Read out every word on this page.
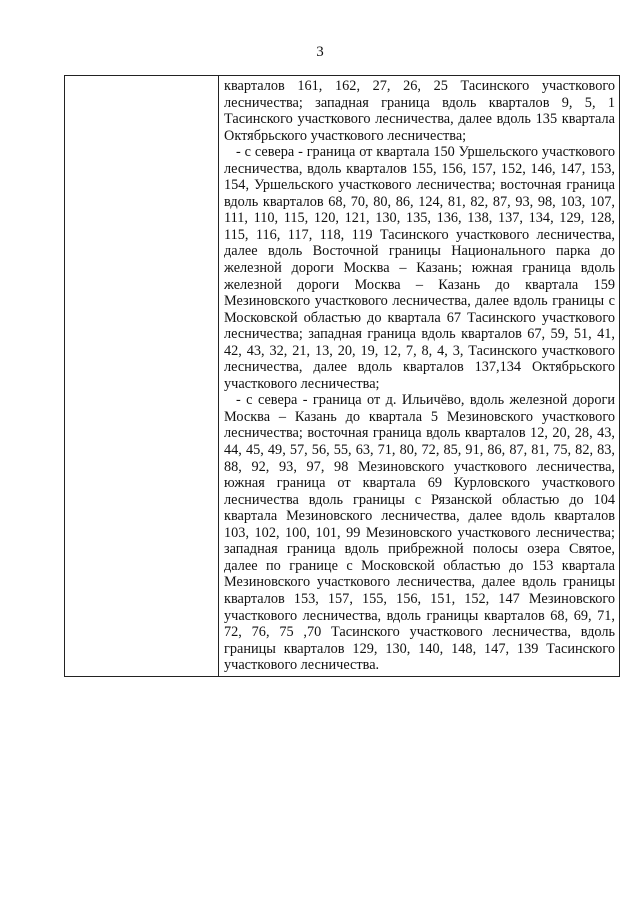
3

кварталов 161, 162, 27, 26, 25 Тасинского участкового лесничества; западная граница вдоль кварталов 9, 5, 1 Тасинского участкового лесничества, далее вдоль 135 квартала Октябрьского участкового лесничества;

- с севера - граница от квартала 150 Уршельского участкового лесничества, вдоль кварталов 155, 156, 157, 152, 146, 147, 153, 154, Уршельского участкового лесничества; восточная граница вдоль кварталов 68, 70, 80, 86, 124, 81, 82, 87, 93, 98, 103, 107, 111, 110, 115, 120, 121, 130, 135, 136, 138, 137, 134, 129, 128, 115, 116, 117, 118, 119 Тасинского участкового лесничества, далее вдоль Восточной границы Национального парка до железной дороги Москва – Казань; южная граница вдоль железной дороги Москва – Казань до квартала 159 Мезиновского участкового лесничества, далее вдоль границы с Московской областью до квартала 67 Тасинского участкового лесничества; западная граница вдоль кварталов 67, 59, 51, 41, 42, 43, 32, 21, 13, 20, 19, 12, 7, 8, 4, 3, Тасинского участкового лесничества, далее вдоль кварталов 137,134 Октябрьского участкового лесничества;

- с севера - граница от д. Ильичёво, вдоль железной дороги Москва – Казань до квартала 5 Мезиновского участкового лесничества; восточная граница вдоль кварталов 12, 20, 28, 43, 44, 45, 49, 57, 56, 55, 63, 71, 80, 72, 85, 91, 86, 87, 81, 75, 82, 83, 88, 92, 93, 97, 98 Мезиновского участкового лесничества, южная граница от квартала 69 Курловского участкового лесничества вдоль границы с Рязанской областью до 104 квартала Мезиновского лесничества, далее вдоль кварталов 103, 102, 100, 101, 99 Мезиновского участкового лесничества; западная граница вдоль прибрежной полосы озера Святое, далее по границе с Московской областью до 153 квартала Мезиновского участкового лесничества, далее вдоль границы кварталов 153, 157, 155, 156, 151, 152, 147 Мезиновского участкового лесничества, вдоль границы кварталов 68, 69, 71, 72, 76, 75 ,70 Тасинского участкового лесничества, вдоль границы кварталов 129, 130, 140, 148, 147, 139 Тасинского участкового лесничества.
